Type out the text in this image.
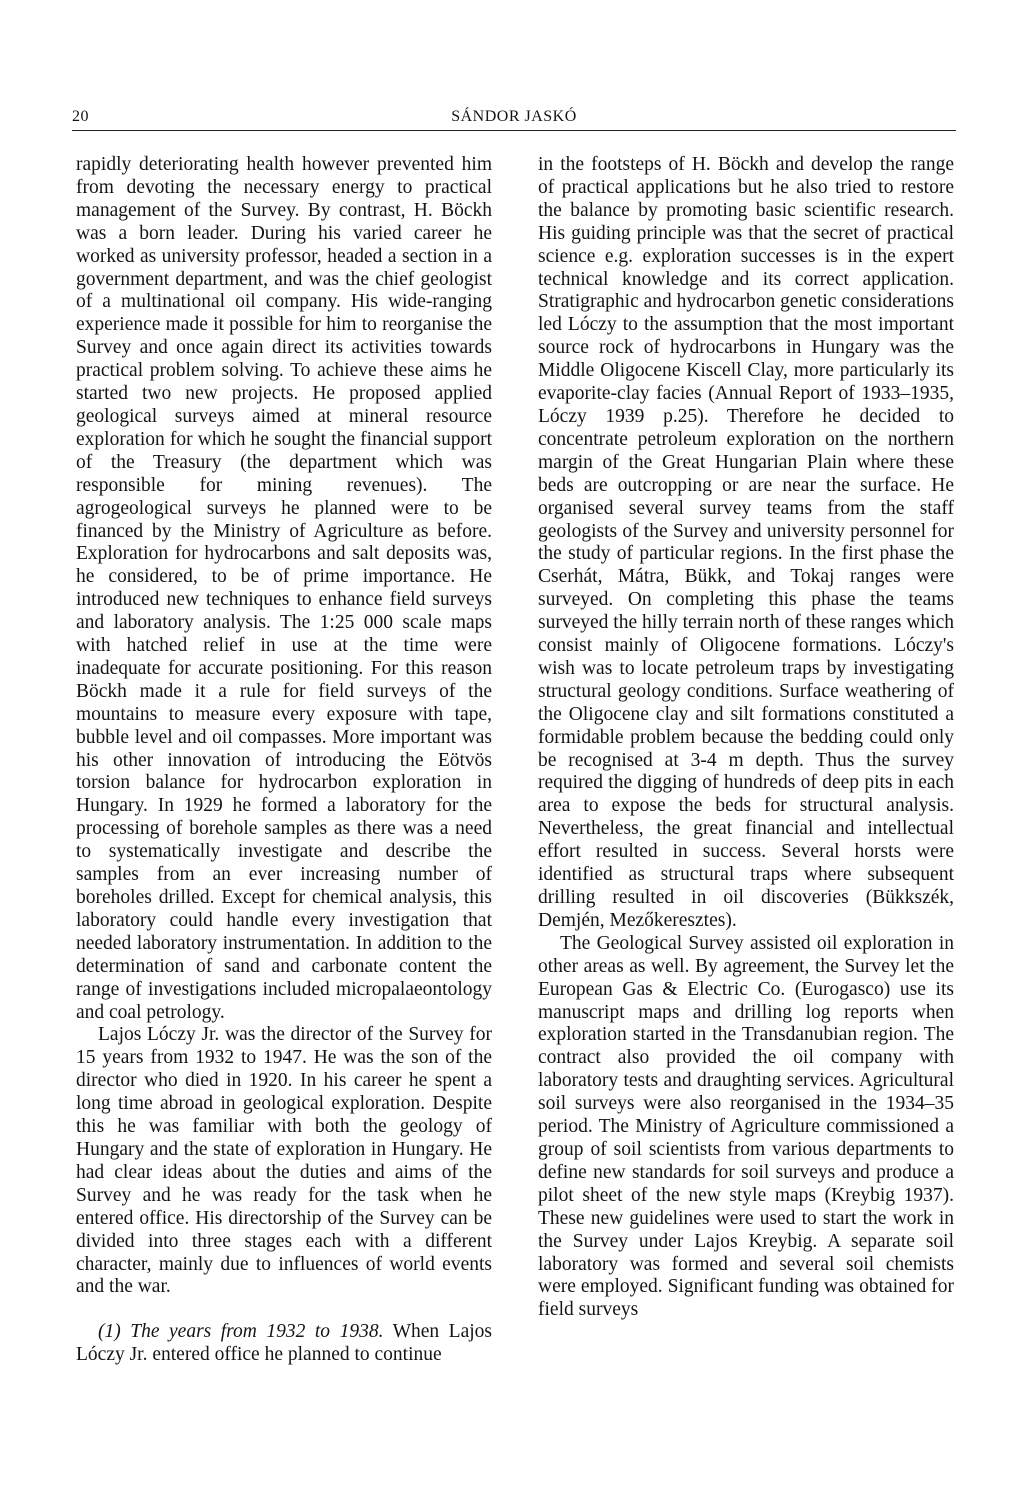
20	SÁNDOR JASKÓ

rapidly deteriorating health however prevented him from devoting the necessary energy to practical management of the Survey. By contrast, H. Böckh was a born leader. During his varied career he worked as university professor, headed a section in a government department, and was the chief geologist of a multinational oil company. His wide-ranging experience made it possible for him to reorganise the Survey and once again direct its activities towards practical problem solving. To achieve these aims he started two new projects. He proposed applied geological surveys aimed at mineral resource exploration for which he sought the financial support of the Treasury (the department which was responsible for mining revenues). The agrogeological surveys he planned were to be financed by the Ministry of Agriculture as before. Exploration for hydrocarbons and salt deposits was, he considered, to be of prime importance. He introduced new techniques to enhance field surveys and laboratory analysis. The 1:25 000 scale maps with hatched relief in use at the time were inadequate for accurate positioning. For this reason Böckh made it a rule for field surveys of the mountains to measure every exposure with tape, bubble level and oil compasses. More important was his other innovation of introducing the Eötvös torsion balance for hydrocarbon exploration in Hungary. In 1929 he formed a laboratory for the processing of borehole samples as there was a need to systematically investigate and describe the samples from an ever increasing number of boreholes drilled. Except for chemical analysis, this laboratory could handle every investigation that needed laboratory instrumentation. In addition to the determination of sand and carbonate content the range of investigations included micropalaeontology and coal petrology.

Lajos Lóczy Jr. was the director of the Survey for 15 years from 1932 to 1947. He was the son of the director who died in 1920. In his career he spent a long time abroad in geological exploration. Despite this he was familiar with both the geology of Hungary and the state of exploration in Hungary. He had clear ideas about the duties and aims of the Survey and he was ready for the task when he entered office. His directorship of the Survey can be divided into three stages each with a different character, mainly due to influences of world events and the war.

(1) The years from 1932 to 1938. When Lajos Lóczy Jr. entered office he planned to continue

in the footsteps of H. Böckh and develop the range of practical applications but he also tried to restore the balance by promoting basic scientific research. His guiding principle was that the secret of practical science e.g. exploration successes is in the expert technical knowledge and its correct application. Stratigraphic and hydrocarbon genetic considerations led Lóczy to the assumption that the most important source rock of hydrocarbons in Hungary was the Middle Oligocene Kiscell Clay, more particularly its evaporite-clay facies (Annual Report of 1933–1935, Lóczy 1939 p.25). Therefore he decided to concentrate petroleum exploration on the northern margin of the Great Hungarian Plain where these beds are outcropping or are near the surface. He organised several survey teams from the staff geologists of the Survey and university personnel for the study of particular regions. In the first phase the Cserhát, Mátra, Bükk, and Tokaj ranges were surveyed. On completing this phase the teams surveyed the hilly terrain north of these ranges which consist mainly of Oligocene formations. Lóczy's wish was to locate petroleum traps by investigating structural geology conditions. Surface weathering of the Oligocene clay and silt formations constituted a formidable problem because the bedding could only be recognised at 3-4 m depth. Thus the survey required the digging of hundreds of deep pits in each area to expose the beds for structural analysis. Nevertheless, the great financial and intellectual effort resulted in success. Several horsts were identified as structural traps where subsequent drilling resulted in oil discoveries (Bükkszék, Demjén, Mezőkeresztes).

The Geological Survey assisted oil exploration in other areas as well. By agreement, the Survey let the European Gas & Electric Co. (Eurogasco) use its manuscript maps and drilling log reports when exploration started in the Transdanubian region. The contract also provided the oil company with laboratory tests and draughting services. Agricultural soil surveys were also reorganised in the 1934–35 period. The Ministry of Agriculture commissioned a group of soil scientists from various departments to define new standards for soil surveys and produce a pilot sheet of the new style maps (Kreybig 1937). These new guidelines were used to start the work in the Survey under Lajos Kreybig. A separate soil laboratory was formed and several soil chemists were employed. Significant funding was obtained for field surveys
